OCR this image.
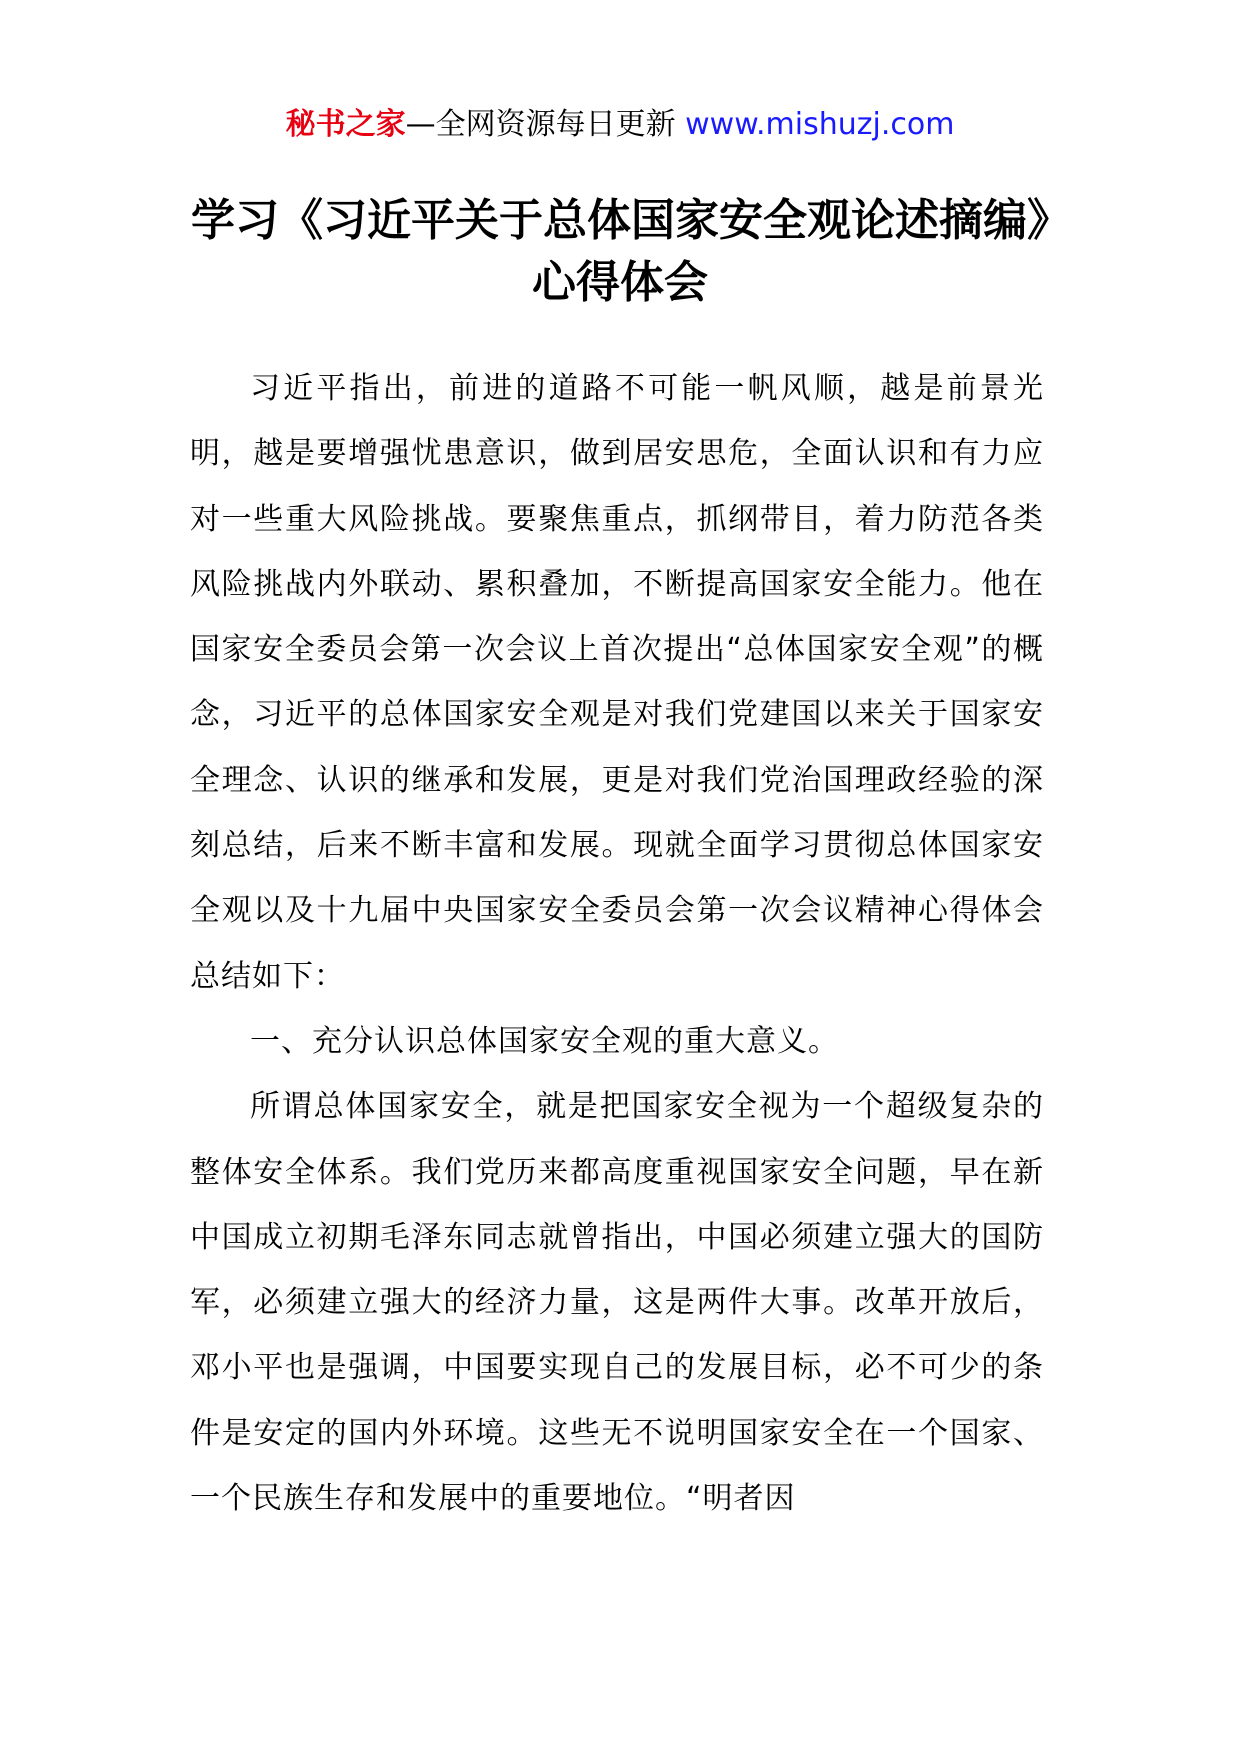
秘书之家—全网资源每日更新 www.mishuzj.com
学习《习近平关于总体国家安全观论述摘编》心得体会

习近平指出，前进的道路不可能一帆风顺，越是前景光明，越是要增强忧患意识，做到居安思危，全面认识和有力应对一些重大风险挑战。要聚焦重点，抓纲带目，着力防范各类风险挑战内外联动、累积叠加，不断提高国家安全能力。他在国家安全委员会第一次会议上首次提出“总体国家安全观”的概念，习近平的总体国家安全观是对我们党建国以来关于国家安全理念、认识的继承和发展，更是对我们党治国理政经验的深刻总结，后来不断丰富和发展。现就全面学习贯彻总体国家安全观以及十九届中央国家安全委员会第一次会议精神心得体会总结如下：

一、充分认识总体国家安全观的重大意义。

所谓总体国家安全，就是把国家安全视为一个超级复杂的整体安全体系。我们党历来都高度重视国家安全问题，早在新中国成立初期毛泽东同志就曾指出，中国必须建立强大的国防军，必须建立强大的经济力量，这是两件大事。改革开放后，邓小平也是强调，中国要实现自己的发展目标，必不可少的条件是安定的国内外环境。这些无不说明国家安全在一个国家、一个民族生存和发展中的重要地位。“明者因
